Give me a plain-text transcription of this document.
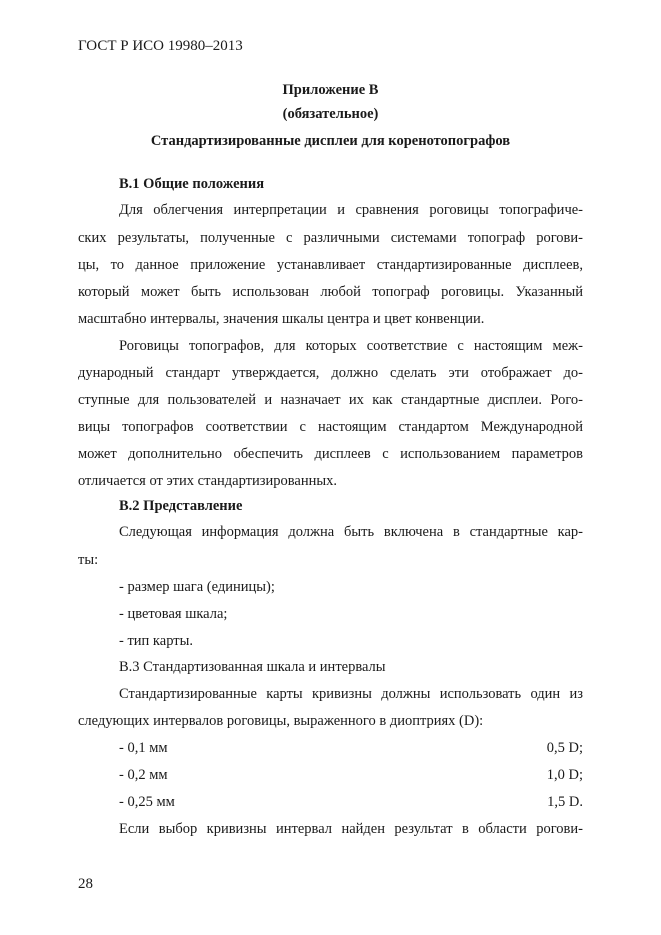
ГОСТ Р ИСО 19980–2013
Приложение В
(обязательное)
Стандартизированные дисплеи для коренотопографов
В.1 Общие положения
Для облегчения интерпретации и сравнения роговицы топографиче-
ских результаты, полученные с различными системами топограф рогови-
цы, то данное приложение устанавливает стандартизированные дисплеев,
который может быть использован любой топограф роговицы. Указанный
масштабно интервалы, значения шкалы центра и цвет конвенции.
Роговицы топографов, для которых соответствие с настоящим меж-
дународный стандарт утверждается, должно сделать эти отображает до-
ступные для пользователей и назначает их как стандартные дисплеи. Рого-
вицы топографов соответствии с настоящим стандартом Международной
может дополнительно обеспечить дисплеев с использованием параметров
отличается от этих стандартизированных.
В.2 Представление
Следующая информация должна быть включена в стандартные кар-
ты:
- размер шага (единицы);
- цветовая шкала;
- тип карты.
В.3 Стандартизованная шкала и интервалы
Стандартизированные карты кривизны должны использовать один из
следующих интервалов роговицы, выраженного в диоптриях (D):
- 0,1 мм	0,5 D;
- 0,2 мм	1,0 D;
- 0,25 мм	1,5 D.
Если выбор кривизны интервал найден результат в области рогови-
28
